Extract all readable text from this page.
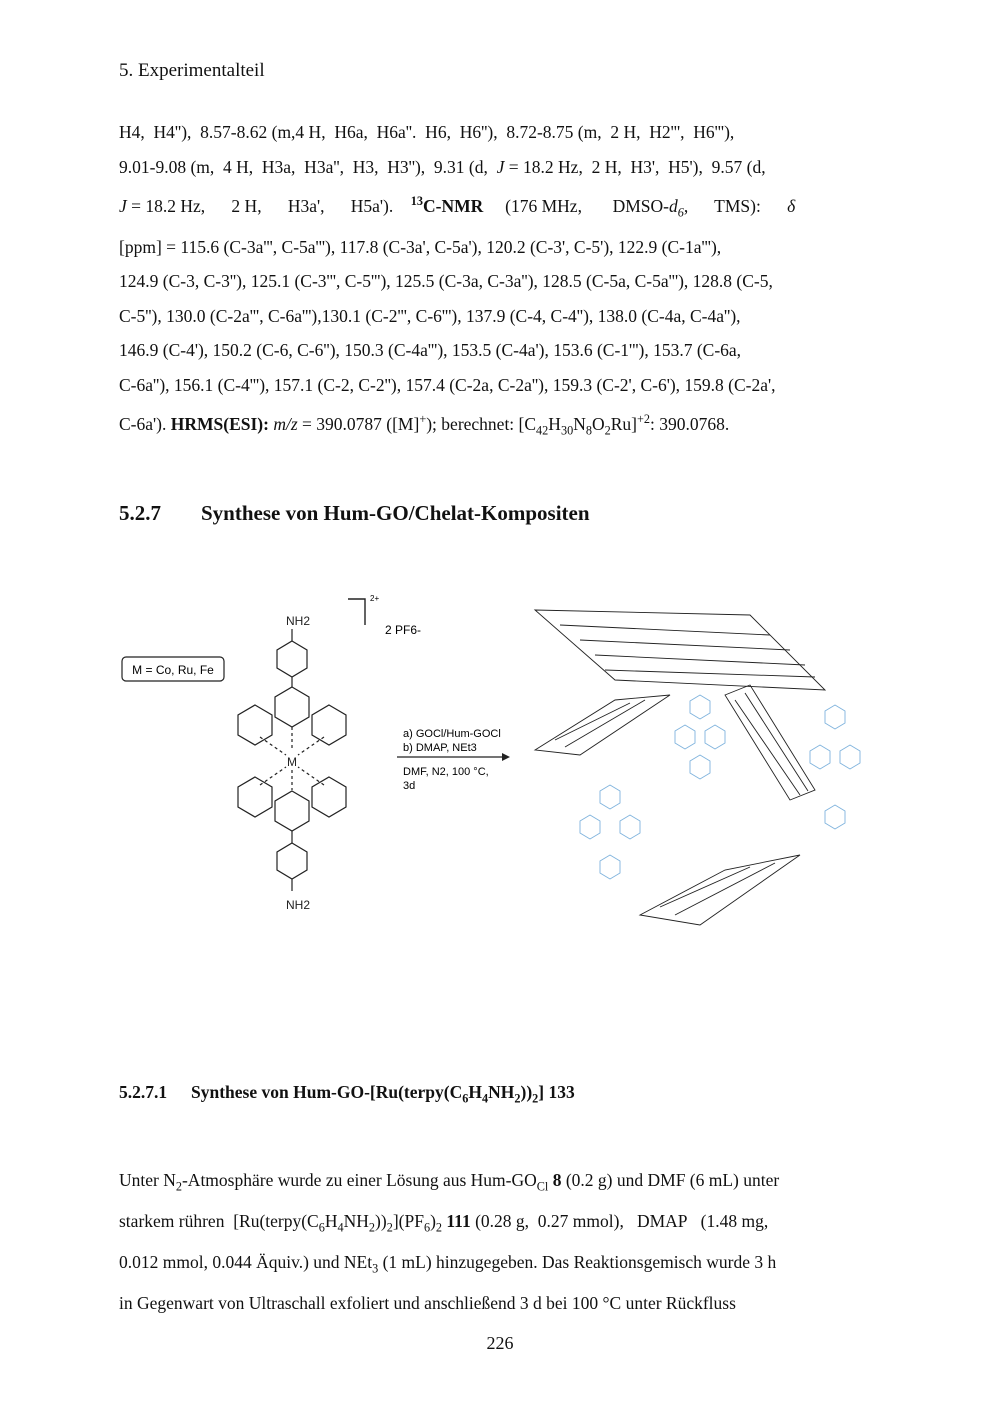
5. Experimentalteil
H4,  H4''),  8.57-8.62 (m,4 H,  H6a,  H6a''.  H6,  H6''),  8.72-8.75 (m,  2 H,  H2''',  H6'''),
9.01-9.08 (m,  4 H,  H3a,  H3a'',  H3,  H3''),  9.31 (d,  J = 18.2 Hz,  2 H,  H3',  H5'),  9.57 (d,
J = 18.2 Hz,      2 H,      H3a',      H5a').    $^{13}$C-NMR     (176 MHz,       DMSO-$d_6$,      TMS):      δ
[ppm] = 115.6 (C-3a''', C-5a'''), 117.8 (C-3a', C-5a'), 120.2 (C-3', C-5'), 122.9 (C-1a'''),
124.9 (C-3, C-3''), 125.1 (C-3''', C-5'''), 125.5 (C-3a, C-3a''), 128.5 (C-5a, C-5a'''), 128.8 (C-5,
C-5''), 130.0 (C-2a''', C-6a'''),130.1 (C-2''', C-6'''), 137.9 (C-4, C-4''), 138.0 (C-4a, C-4a''),
146.9 (C-4'), 150.2 (C-6, C-6''), 150.3 (C-4a'''), 153.5 (C-4a'), 153.6 (C-1'''), 153.7 (C-6a,
C-6a''), 156.1 (C-4'''), 157.1 (C-2, C-2''), 157.4 (C-2a, C-2a''), 159.3 (C-2', C-6'), 159.8 (C-2a',
C-6a'). HRMS(ESI): m/z = 390.0787 ([M]+); berechnet: $[C_{42}H_{30}N_8O_2Ru]^{+2}$: 390.0768.
5.2.7 Synthese von Hum-GO/Chelat-Kompositen
M = Co, Ru, Fe
2+
2 PF6-
NH2
M
NH2
a) GOCl/Hum-GOCl
b) DMAP, NEt3
DMF, N2, 100 °C,
3d
5.2.7.1 Synthese von Hum-$GO-[Ru(terpy(C_6H_4NH_2))_2]$ 133
Unter $N_2$-Atmosphäre wurde zu einer Lösung aus Hum-$GO_{Cl}$ 8 (0.2 g) und DMF (6 mL) unter
starkem rühren  $[Ru(terpy(C_6H_4NH_2))_2](PF_6)_2$ 111 (0.28 g,  0.27 mmol),   DMAP   (1.48 mg,
0.012 mmol, 0.044 Äquiv.) und NEt$_3$ (1 mL) hinzugegeben. Das Reaktionsgemisch wurde 3 h
in Gegenwart von Ultraschall exfoliert und anschließend 3 d bei 100 °C unter Rückfluss
226
